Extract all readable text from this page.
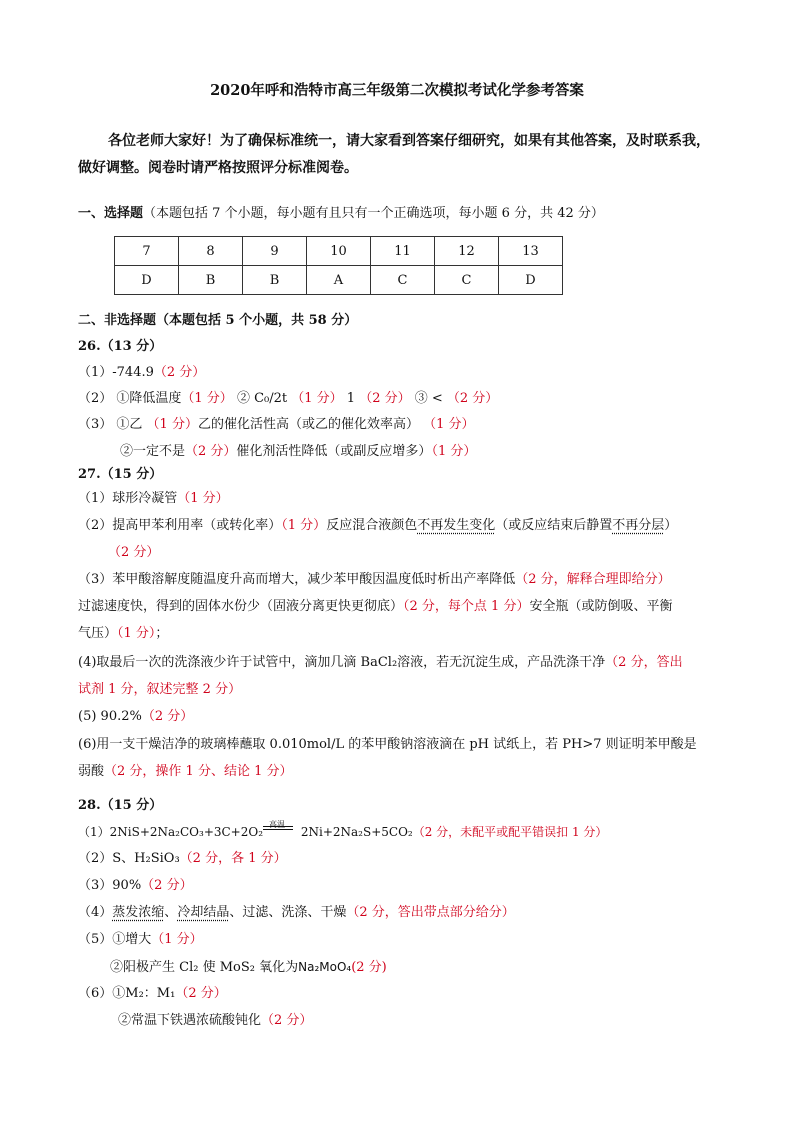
2020年呼和浩特市高三年级第二次模拟考试化学参考答案
各位老师大家好！为了确保标准统一，请大家看到答案仔细研究，如果有其他答案，及时联系我，做好调整。阅卷时请严格按照评分标准阅卷。
一、选择题（本题包括 7 个小题，每小题有且只有一个正确选项，每小题 6 分，共 42 分）
7	8	9	10	11	12	13
D	B	B	A	C	C	D
二、非选择题（本题包括 5 个小题，共 58 分）
26.（13 分）
（1）-744.9（2 分）
（2） ①降低温度（1 分） ② C₀/2t （1 分） 1 （2 分） ③ < （2 分）
（3） ①乙 （1 分）乙的催化活性高（或乙的催化效率高） （1 分）
②一定不是（2 分）催化剂活性降低（或副反应增多）（1 分）
27.（15 分）
（1）球形冷凝管（1 分）
（2）提高甲苯利用率（或转化率）（1 分）反应混合液颜色不再发生变化（或反应结束后静置不再分层）
（2 分）
（3）苯甲酸溶解度随温度升高而增大，减少苯甲酸因温度低时析出产率降低（2 分，解释合理即给分）
过滤速度快，得到的固体水份少（固液分离更快更彻底）（2 分，每个点 1 分）安全瓶（或防倒吸、平衡
气压）（1 分）；
(4)取最后一次的洗涤液少许于试管中，滴加几滴 BaCl₂溶液，若无沉淀生成，产品洗涤干净（2 分，答出
试剂 1 分，叙述完整 2 分）
(5) 90.2%（2 分）
(6)用一支干燥洁净的玻璃棒蘸取 0.010mol/L 的苯甲酸钠溶液滴在 pH 试纸上，若 PH>7 则证明苯甲酸是
弱酸（2 分，操作 1 分、结论 1 分）
28.（15 分）
（1）2NiS+2Na₂CO₃+3C+2O₂
高温
2Ni+2Na₂S+5CO₂（2 分，未配平或配平错误扣 1 分）
（2）S、H₂SiO₃（2 分，各 1 分）
（3）90%（2 分）
（4）蒸发浓缩、冷却结晶、过滤、洗涤、干燥（2 分，答出带点部分给分）
（5）①增大（1 分）
②阳极产生 Cl₂ 使 MoS₂ 氧化为Na₂MoO₄(2 分)
（6）①M₂：M₁（2 分）
②常温下铁遇浓硫酸钝化（2 分）
